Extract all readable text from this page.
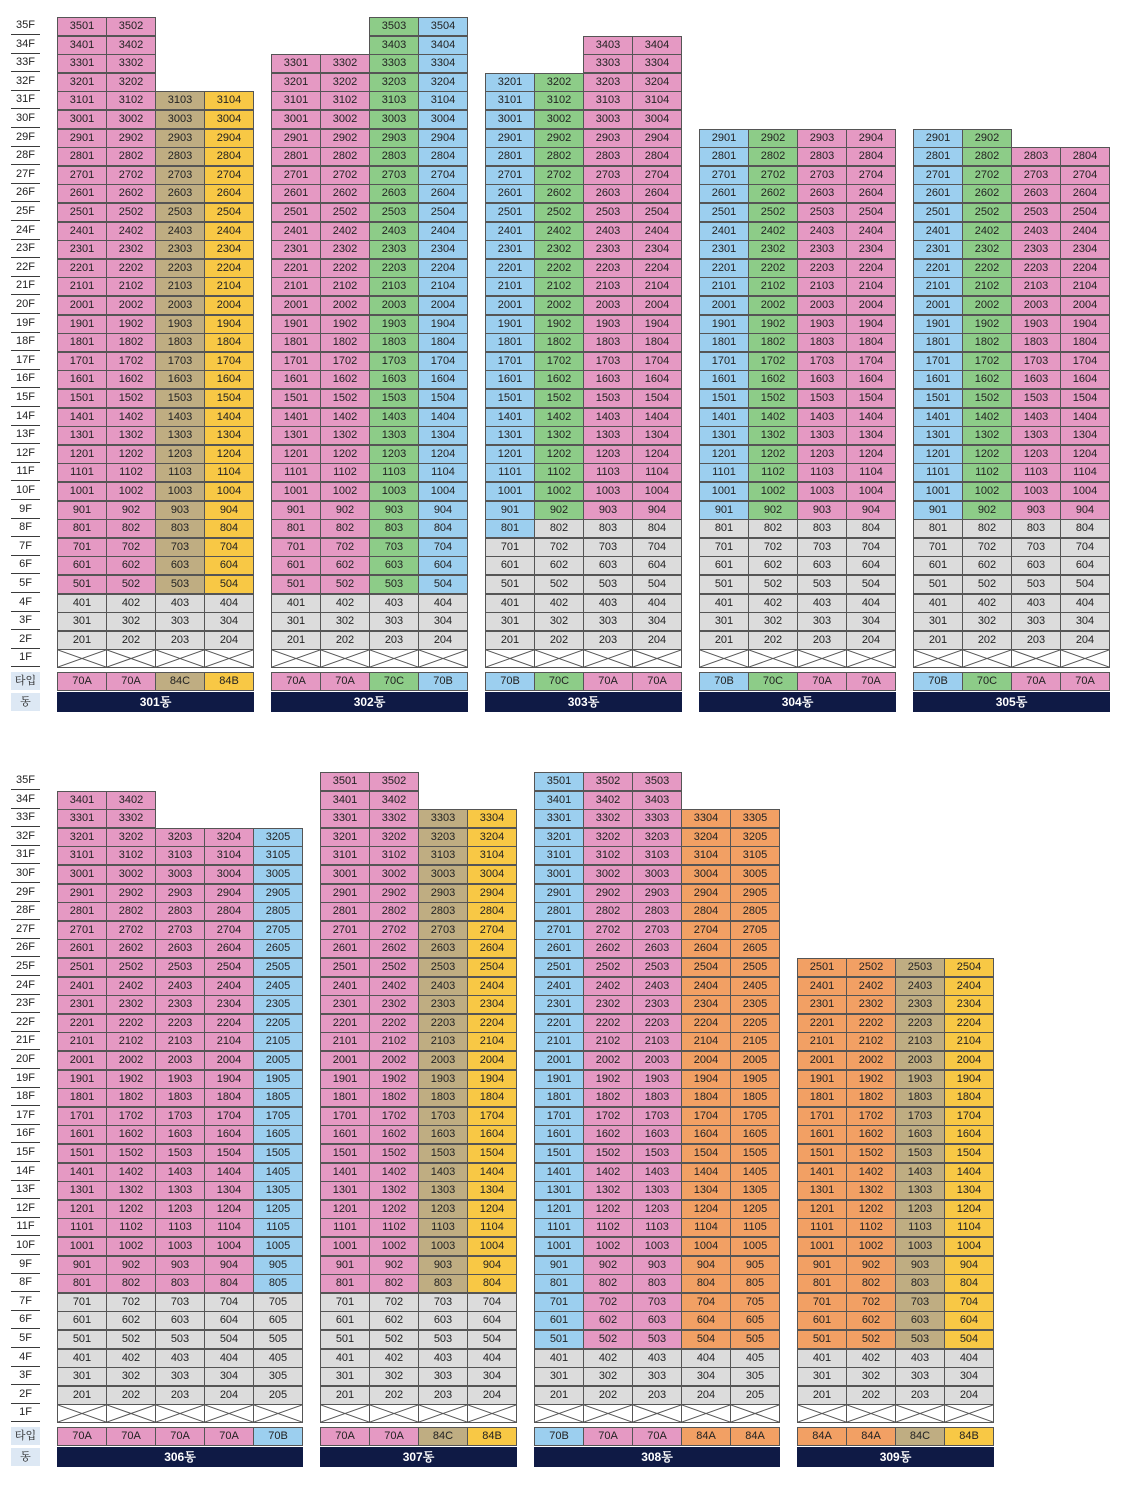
35F
34F
33F
32F
31F
30F
29F
28F
27F
26F
25F
24F
23F
22F
21F
20F
19F
18F
17F
16F
15F
14F
13F
12F
11F
10F
9F
8F
7F
6F
5F
4F
3F
2F
1F
타입
동
3501
3401
3301
3201
3101
3001
2901
2801
2701
2601
2501
2401
2301
2201
2101
2001
1901
1801
1701
1601
1501
1401
1301
1201
1101
1001
901
801
701
601
501
401
301
201
70A
3502
3402
3302
3202
3102
3002
2902
2802
2702
2602
2502
2402
2302
2202
2102
2002
1902
1802
1702
1602
1502
1402
1302
1202
1102
1002
902
802
702
602
502
402
302
202
70A
3103
3003
2903
2803
2703
2603
2503
2403
2303
2203
2103
2003
1903
1803
1703
1603
1503
1403
1303
1203
1103
1003
903
803
703
603
503
403
303
203
84C
3104
3004
2904
2804
2704
2604
2504
2404
2304
2204
2104
2004
1904
1804
1704
1604
1504
1404
1304
1204
1104
1004
904
804
704
604
504
404
304
204
84B
301동
3301
3201
3101
3001
2901
2801
2701
2601
2501
2401
2301
2201
2101
2001
1901
1801
1701
1601
1501
1401
1301
1201
1101
1001
901
801
701
601
501
401
301
201
70A
3302
3202
3102
3002
2902
2802
2702
2602
2502
2402
2302
2202
2102
2002
1902
1802
1702
1602
1502
1402
1302
1202
1102
1002
902
802
702
602
502
402
302
202
70A
3503
3403
3303
3203
3103
3003
2903
2803
2703
2603
2503
2403
2303
2203
2103
2003
1903
1803
1703
1603
1503
1403
1303
1203
1103
1003
903
803
703
603
503
403
303
203
70C
3504
3404
3304
3204
3104
3004
2904
2804
2704
2604
2504
2404
2304
2204
2104
2004
1904
1804
1704
1604
1504
1404
1304
1204
1104
1004
904
804
704
604
504
404
304
204
70B
302동
3201
3101
3001
2901
2801
2701
2601
2501
2401
2301
2201
2101
2001
1901
1801
1701
1601
1501
1401
1301
1201
1101
1001
901
801
701
601
501
401
301
201
70B
3202
3102
3002
2902
2802
2702
2602
2502
2402
2302
2202
2102
2002
1902
1802
1702
1602
1502
1402
1302
1202
1102
1002
902
802
702
602
502
402
302
202
70C
3403
3303
3203
3103
3003
2903
2803
2703
2603
2503
2403
2303
2203
2103
2003
1903
1803
1703
1603
1503
1403
1303
1203
1103
1003
903
803
703
603
503
403
303
203
70A
3404
3304
3204
3104
3004
2904
2804
2704
2604
2504
2404
2304
2204
2104
2004
1904
1804
1704
1604
1504
1404
1304
1204
1104
1004
904
804
704
604
504
404
304
204
70A
303동
2901
2801
2701
2601
2501
2401
2301
2201
2101
2001
1901
1801
1701
1601
1501
1401
1301
1201
1101
1001
901
801
701
601
501
401
301
201
70B
2902
2802
2702
2602
2502
2402
2302
2202
2102
2002
1902
1802
1702
1602
1502
1402
1302
1202
1102
1002
902
802
702
602
502
402
302
202
70C
2903
2803
2703
2603
2503
2403
2303
2203
2103
2003
1903
1803
1703
1603
1503
1403
1303
1203
1103
1003
903
803
703
603
503
403
303
203
70A
2904
2804
2704
2604
2504
2404
2304
2204
2104
2004
1904
1804
1704
1604
1504
1404
1304
1204
1104
1004
904
804
704
604
504
404
304
204
70A
304동
2901
2801
2701
2601
2501
2401
2301
2201
2101
2001
1901
1801
1701
1601
1501
1401
1301
1201
1101
1001
901
801
701
601
501
401
301
201
70B
2902
2802
2702
2602
2502
2402
2302
2202
2102
2002
1902
1802
1702
1602
1502
1402
1302
1202
1102
1002
902
802
702
602
502
402
302
202
70C
2803
2703
2603
2503
2403
2303
2203
2103
2003
1903
1803
1703
1603
1503
1403
1303
1203
1103
1003
903
803
703
603
503
403
303
203
70A
2804
2704
2604
2504
2404
2304
2204
2104
2004
1904
1804
1704
1604
1504
1404
1304
1204
1104
1004
904
804
704
604
504
404
304
204
70A
305동
35F
34F
33F
32F
31F
30F
29F
28F
27F
26F
25F
24F
23F
22F
21F
20F
19F
18F
17F
16F
15F
14F
13F
12F
11F
10F
9F
8F
7F
6F
5F
4F
3F
2F
1F
타입
동
3401
3301
3201
3101
3001
2901
2801
2701
2601
2501
2401
2301
2201
2101
2001
1901
1801
1701
1601
1501
1401
1301
1201
1101
1001
901
801
701
601
501
401
301
201
70A
3402
3302
3202
3102
3002
2902
2802
2702
2602
2502
2402
2302
2202
2102
2002
1902
1802
1702
1602
1502
1402
1302
1202
1102
1002
902
802
702
602
502
402
302
202
70A
3203
3103
3003
2903
2803
2703
2603
2503
2403
2303
2203
2103
2003
1903
1803
1703
1603
1503
1403
1303
1203
1103
1003
903
803
703
603
503
403
303
203
70A
3204
3104
3004
2904
2804
2704
2604
2504
2404
2304
2204
2104
2004
1904
1804
1704
1604
1504
1404
1304
1204
1104
1004
904
804
704
604
504
404
304
204
70A
3205
3105
3005
2905
2805
2705
2605
2505
2405
2305
2205
2105
2005
1905
1805
1705
1605
1505
1405
1305
1205
1105
1005
905
805
705
605
505
405
305
205
70B
306동
3501
3401
3301
3201
3101
3001
2901
2801
2701
2601
2501
2401
2301
2201
2101
2001
1901
1801
1701
1601
1501
1401
1301
1201
1101
1001
901
801
701
601
501
401
301
201
70A
3502
3402
3302
3202
3102
3002
2902
2802
2702
2602
2502
2402
2302
2202
2102
2002
1902
1802
1702
1602
1502
1402
1302
1202
1102
1002
902
802
702
602
502
402
302
202
70A
3303
3203
3103
3003
2903
2803
2703
2603
2503
2403
2303
2203
2103
2003
1903
1803
1703
1603
1503
1403
1303
1203
1103
1003
903
803
703
603
503
403
303
203
84C
3304
3204
3104
3004
2904
2804
2704
2604
2504
2404
2304
2204
2104
2004
1904
1804
1704
1604
1504
1404
1304
1204
1104
1004
904
804
704
604
504
404
304
204
84B
307동
3501
3401
3301
3201
3101
3001
2901
2801
2701
2601
2501
2401
2301
2201
2101
2001
1901
1801
1701
1601
1501
1401
1301
1201
1101
1001
901
801
701
601
501
401
301
201
70B
3502
3402
3302
3202
3102
3002
2902
2802
2702
2602
2502
2402
2302
2202
2102
2002
1902
1802
1702
1602
1502
1402
1302
1202
1102
1002
902
802
702
602
502
402
302
202
70A
3503
3403
3303
3203
3103
3003
2903
2803
2703
2603
2503
2403
2303
2203
2103
2003
1903
1803
1703
1603
1503
1403
1303
1203
1103
1003
903
803
703
603
503
403
303
203
70A
3304
3204
3104
3004
2904
2804
2704
2604
2504
2404
2304
2204
2104
2004
1904
1804
1704
1604
1504
1404
1304
1204
1104
1004
904
804
704
604
504
404
304
204
84A
3305
3205
3105
3005
2905
2805
2705
2605
2505
2405
2305
2205
2105
2005
1905
1805
1705
1605
1505
1405
1305
1205
1105
1005
905
805
705
605
505
405
305
205
84A
308동
2501
2401
2301
2201
2101
2001
1901
1801
1701
1601
1501
1401
1301
1201
1101
1001
901
801
701
601
501
401
301
201
84A
2502
2402
2302
2202
2102
2002
1902
1802
1702
1602
1502
1402
1302
1202
1102
1002
902
802
702
602
502
402
302
202
84A
2503
2403
2303
2203
2103
2003
1903
1803
1703
1603
1503
1403
1303
1203
1103
1003
903
803
703
603
503
403
303
203
84C
2504
2404
2304
2204
2104
2004
1904
1804
1704
1604
1504
1404
1304
1204
1104
1004
904
804
704
604
504
404
304
204
84B
309동
